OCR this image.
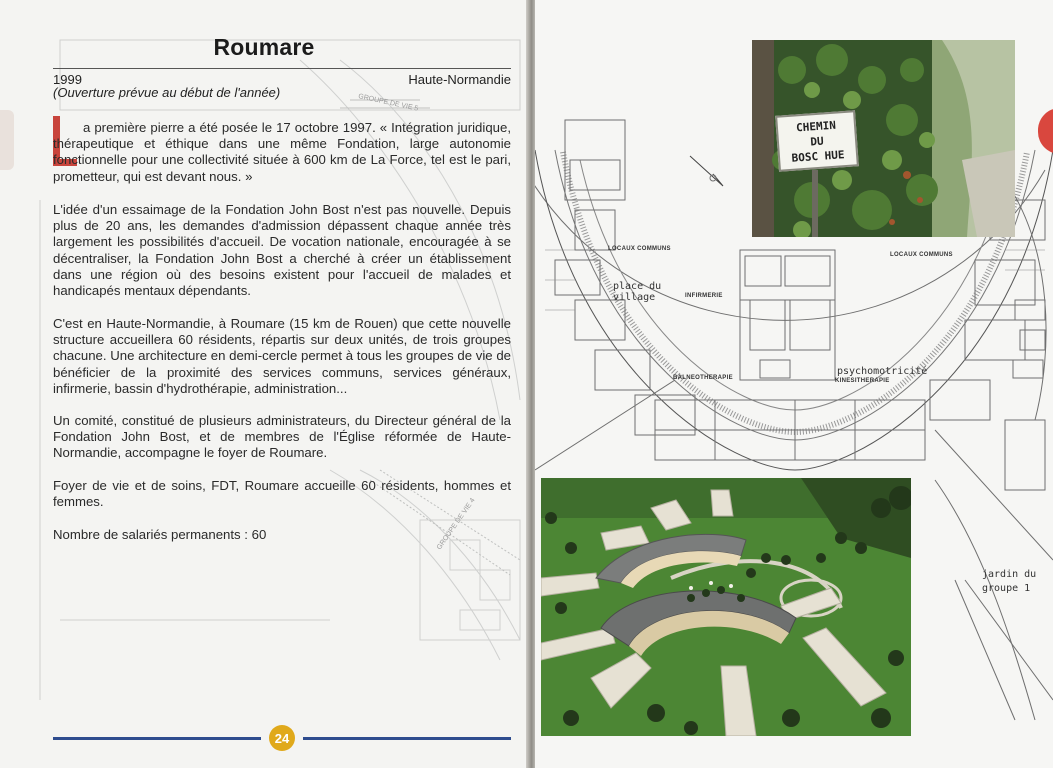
GROUPE DE VIE 5
GROUPE DE VIE 4
Roumare
1999	Haute-Normandie
(Ouverture prévue au début de l'année)
a première pierre a été posée le 17 octobre 1997. « Intégration juridique, thérapeutique et éthique dans une même Fondation, large autonomie fonctionnelle pour une collectivité située à 600 km de La Force, tel est le pari, prometteur, qui est devant nous. »
L'idée d'un essaimage de la Fondation John Bost n'est pas nouvelle. Depuis plus de 20 ans, les demandes d'admission dépassent chaque année très largement les possibilités d'accueil. De vocation nationale, encouragée à se décentraliser, la Fondation John Bost a cherché à créer un établissement dans une région où des besoins existent pour l'accueil de malades et handicapés mentaux dépendants.
C'est en Haute-Normandie, à Roumare (15 km de Rouen) que cette nouvelle structure accueillera 60 résidents, répartis sur deux unités, de trois groupes chacune. Une architecture en demi-cercle permet à tous les groupes de vie de bénéficier de la proximité des services communs, services généraux, infirmerie, bassin d'hydrothérapie, administration...
Un comité, constitué de plusieurs administrateurs, du Directeur général de la Fondation John Bost, et de membres de l'Église réformée de Haute-Normandie, accompagne le foyer de Roumare.
Foyer de vie et de soins, FDT, Roumare accueille 60 résidents, hommes et femmes.
Nombre de salariés permanents : 60
24
LOCAUX COMMUNS
LOCAUX COMMUNS
place du village	INFIRMERIE
BALNEOTHERAPIE
psychomotricité
KINESITHERAPIE
jardin du groupe 1
CHEMIN
DU
BOSC HUE
